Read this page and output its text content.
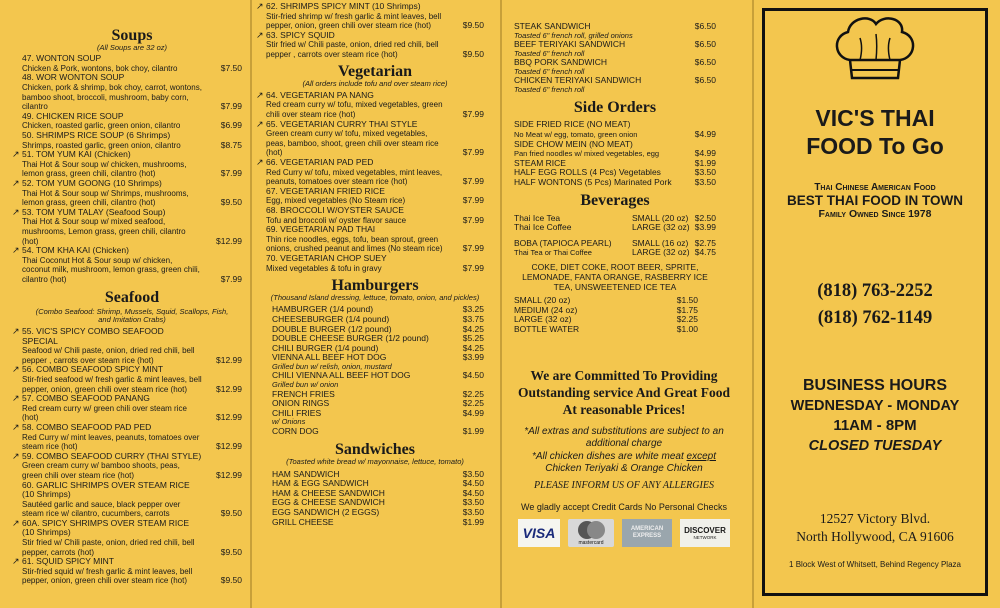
Soups
(All Soups are 32 oz)
47. WONTON SOUP
Chicken & Pork, wontons, bok choy, cilantro	$7.50
48. WOR WONTON SOUP
Chicken, pork & shrimp, bok choy, carrot, wontons, bamboo shoot, broccoli, mushroom, baby corn, cilantro	$7.99
49. CHICKEN RICE SOUP
Chicken, roasted garlic, green onion, cilantro	$6.99
50. SHRIMPS RICE SOUP (6 Shrimps)
Shrimps, roasted garlic, green onion, cilantro	$8.75
↗ 51. TOM YUM KAI (Chicken)
Thai Hot & Sour soup w/ chicken, mushrooms, lemon grass, green chili, cilantro (hot)	$7.99
↗ 52. TOM YUM GOONG (10 Shrimps)
Thai Hot & Sour soup w/ Shrimps, mushrooms, lemon grass, green chili, cilantro (hot)	$9.50
↗ 53. TOM YUM TALAY (Seafood Soup)
Thai Hot & Sour soup w/ mixed seafood, mushrooms, Lemon grass, green chili, cilantro (hot)	$12.99
↗ 54. TOM KHA KAI (Chicken)
Thai Coconut Hot & Sour soup w/ chicken, coconut milk, mushroom, lemon grass, green chili, cilantro (hot)	$7.99
Seafood
(Combo Seafood: Shrimp, Mussels, Squid, Scallops, Fish, and Imitation Crabs)
↗ 55. VIC'S SPICY COMBO SEAFOOD SPECIAL
Seafood w/ Chili paste, onion, dried red chili, bell pepper , carrots over steam rice (hot)	$12.99
↗ 56. COMBO SEAFOOD SPICY MINT
Stir-fried seafood w/ fresh garlic & mint leaves, bell pepper, onion, green chili over steam rice (hot)	$12.99
↗ 57. COMBO SEAFOOD PANANG
Red cream curry w/ green chili over steam rice (hot)	$12.99
↗ 58. COMBO SEAFOOD PAD PED
Red Curry w/ mint leaves, peanuts, tomatoes over steam rice (hot)	$12.99
↗ 59. COMBO SEAFOOD CURRY (THAI STYLE)
Green cream curry w/ bamboo shoots, peas, green chili over steam rice (hot)	$12.99
60. GARLIC SHRIMPS OVER STEAM RICE (10 Shrimps)
Sautéed garlic and sauce, black pepper over steam rice w/ cilantro, cucumbers, carrots	$9.50
↗ 60A. SPICY SHRIMPS OVER STEAM RICE (10 Shrimps)
Stir fried w/ Chili paste, onion, dried red chili, bell pepper, carrots (hot)	$9.50
↗ 61. SQUID SPICY MINT
Stir-fried squid w/ fresh garlic & mint leaves, bell pepper, onion, green chili over steam rice (hot)	$9.50
↗ 62. SHRIMPS SPICY MINT (10 Shrimps)
Stir-fried shrimp w/ fresh garlic & mint leaves, bell pepper, onion, green chili over steam rice (hot)	$9.50
↗ 63. SPICY SQUID
Stir fried w/ Chili paste, onion, dried red chili, bell pepper , carrots over steam rice (hot)	$9.50
Vegetarian
(All orders include tofu and over steam rice)
↗ 64. VEGETARIAN PA NANG
Red cream curry w/ tofu, mixed vegetables, green chili over steam rice (hot)	$7.99
↗ 65. VEGETARIAN CURRY THAI STYLE
Green cream curry w/ tofu, mixed vegetables, peas, bamboo, shoot, green chili over steam rice (hot)	$7.99
↗ 66. VEGETARIAN PAD PED
Red Curry w/ tofu, mixed vegetables, mint leaves, peanuts, tomatoes over steam rice (hot)	$7.99
67. VEGETARIAN FRIED RICE
Egg, mixed vegetables (No Steam rice)	$7.99
68. BROCCOLI W/OYSTER SAUCE
Tofu and broccoli w/ oyster flavor sauce	$7.99
69. VEGETARIAN PAD THAI
Thin rice noodles, eggs, tofu, bean sprout, green onions, crushed peanut and limes (No steam rice) $7.99
70. VEGETARIAN CHOP SUEY
Mixed vegetables & tofu in gravy	$7.99
Hamburgers
(Thousand Island dressing, lettuce, tomato, onion, and pickles)
HAMBURGER (1/4 pound)	$3.25
CHEESEBURGER (1/4 pound)	$3.75
DOUBLE BURGER (1/2 pound)	$4.25
DOUBLE CHEESE BURGER (1/2 pound)	$5.25
CHILI BURGER (1/4 pound)	$4.25
VIENNA ALL BEEF HOT DOG	$3.99
Grilled bun w/ relish, onion, mustard
CHILI VIENNA ALL BEEF HOT DOG	$4.50
Grilled bun w/ onion
FRENCH FRIES	$2.25
ONION RINGS	$2.25
CHILI FRIES	$4.99
w/ Onions
CORN DOG	$1.99
Sandwiches
(Toasted white bread w/ mayonnaise, lettuce, tomato)
HAM SANDWICH	$3.50
HAM & EGG SANDWICH	$4.50
HAM & CHEESE SANDWICH	$4.50
EGG & CHEESE SANDWICH	$3.50
EGG SANDWICH (2 EGGS)	$3.50
GRILL CHEESE	$1.99
STEAK SANDWICH	$6.50
Toasted 6" french roll, grilled onions
BEEF TERIYAKI SANDWICH	$6.50
Toasted 6" french roll
BBQ PORK SANDWICH	$6.50
Toasted 6" french roll
CHICKEN TERIYAKI SANDWICH	$6.50
Toasted 6" french roll
Side Orders
SIDE FRIED RICE (NO MEAT)
No Meat w/ egg, tomato, green onion	$4.99
SIDE CHOW MEIN (NO MEAT)
Pan fried noodles w/ mixed vegetables, egg	$4.99
STEAM RICE	$1.99
HALF EGG ROLLS (4 Pcs) Vegetables	$3.50
HALF WONTONS (5 Pcs) Marinated Pork	$3.50
Beverages
Thai Ice Tea	SMALL (20 oz) $2.50
Thai Ice Coffee	LARGE (32 oz) $3.99
BOBA (TAPIOCA PEARL) SMALL (16 oz) $2.75
Thai Tea or Thai Coffee	LARGE (32 oz) $4.75
COKE, DIET COKE, ROOT BEER, SPRITE, LEMONADE, FANTA ORANGE, RASBERRY ICE TEA, UNSWEETENED ICE TEA
SMALL (20 oz)	$1.50
MEDIUM (24 oz)	$1.75
LARGE (32 oz)	$2.25
BOTTLE WATER	$1.00
We are Committed To Providing Outstanding service And Great Food At reasonable Prices!
*All extras and substitutions are subject to an additional charge
*All chicken dishes are white meat except Chicken Teriyaki & Orange Chicken
PLEASE INFORM US OF ANY ALLERGIES
We gladly accept Credit Cards No Personal Checks
VISA
mastercard
AMERICAN EXPRESS
DISCOVER
NETWORK
VIC'S THAI
FOOD To Go
Thai Chinese American Food
BEST THAI FOOD IN TOWN
Family Owned Since 1978
(818) 763-2252
(818) 762-1149
BUSINESS HOURS
WEDNESDAY - MONDAY
11AM - 8PM
CLOSED TUESDAY
12527 Victory Blvd.
North Hollywood, CA 91606
1 Block West of Whitsett, Behind Regency Plaza
